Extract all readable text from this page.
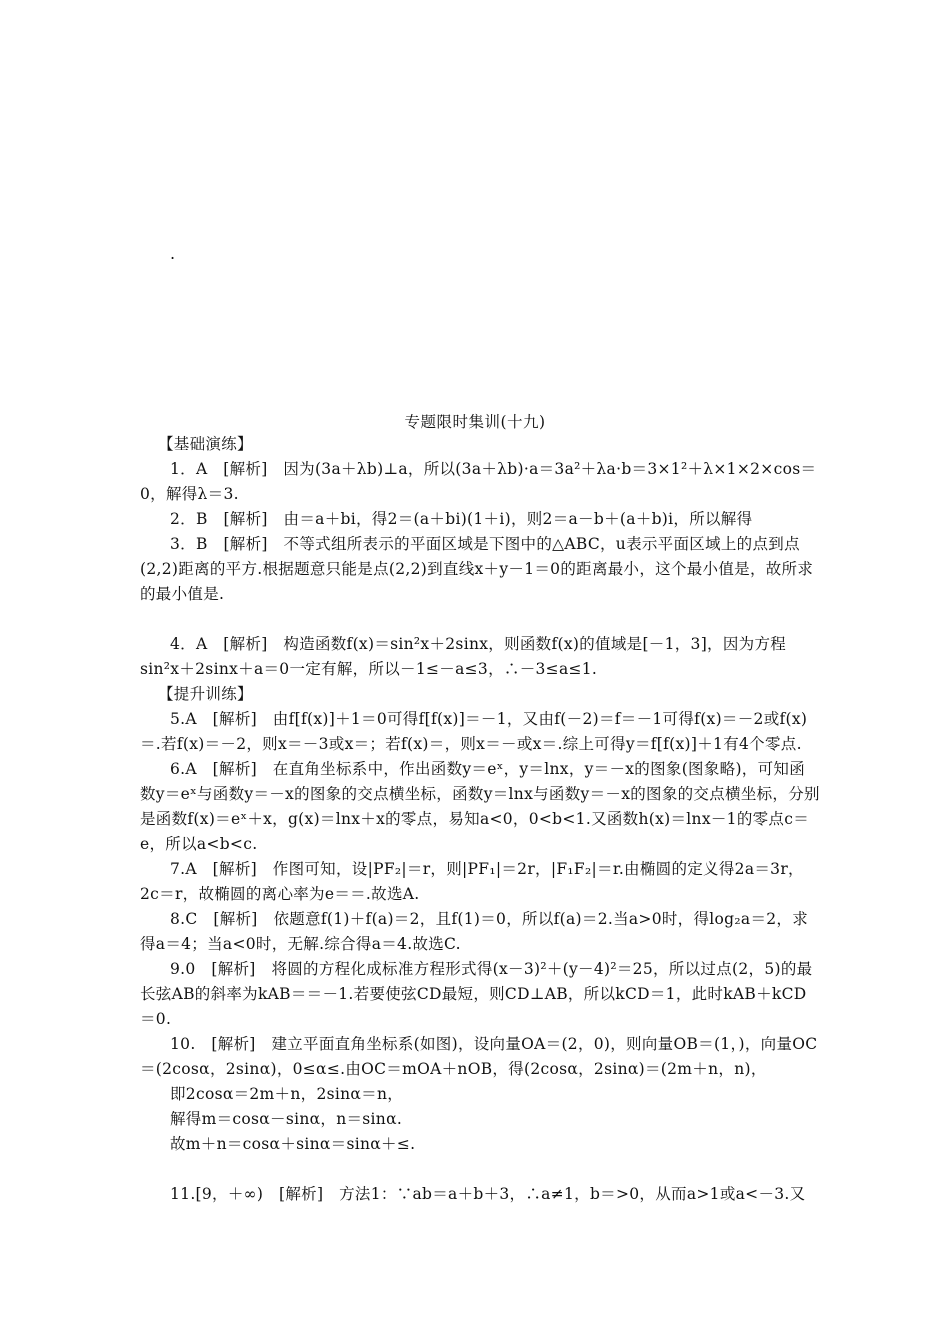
.
专题限时集训(十九)

【基础演练】

1．A　[解析]　因为(3a＋λb)⊥a，所以(3a＋λb)·a＝3a²＋λa·b＝3×1²＋λ×1×2×cos＝0，解得λ＝3.

2．B　[解析]　由＝a＋bi，得2＝(a＋bi)(1＋i)，则2＝a－b＋(a＋b)i，所以解得

3．B　[解析]　不等式组所表示的平面区域是下图中的△ABC，u表示平面区域上的点到点(2,2)距离的平方.根据题意只能是点(2,2)到直线x＋y－1＝0的距离最小，这个最小值是，故所求的最小值是.

4．A　[解析]　构造函数f(x)＝sin²x＋2sinx，则函数f(x)的值域是[－1，3]，因为方程sin²x＋2sinx＋a＝0一定有解，所以－1≤－a≤3，∴－3≤a≤1.

【提升训练】

5.A　[解析]　由f[f(x)]＋1＝0可得f[f(x)]＝－1，又由f(－2)＝f＝－1可得f(x)＝－2或f(x)＝.若f(x)＝－2，则x＝－3或x＝；若f(x)＝，则x＝－或x＝.综上可得y＝f[f(x)]＋1有4个零点.

6.A　[解析]　在直角坐标系中，作出函数y＝eˣ，y＝lnx，y＝－x的图象(图象略)，可知函数y＝eˣ与函数y＝－x的图象的交点横坐标，函数y＝lnx与函数y＝－x的图象的交点横坐标，分别是函数f(x)＝eˣ＋x，g(x)＝lnx＋x的零点，易知a<0，0<b<1.又函数h(x)＝lnx－1的零点c＝e，所以a<b<c.

7.A　[解析]　作图可知，设|PF₂|＝r，则|PF₁|＝2r，|F₁F₂|＝r.由椭圆的定义得2a＝3r，2c＝r，故椭圆的离心率为e＝＝.故选A.

8.C　[解析]　依题意f(1)＋f(a)＝2，且f(1)＝0，所以f(a)＝2.当a>0时，得log₂a＝2，求得a＝4；当a<0时，无解.综合得a＝4.故选C.

9.0　[解析]　将圆的方程化成标准方程形式得(x－3)²＋(y－4)²＝25，所以过点(2，5)的最长弦AB的斜率为kAB＝＝－1.若要使弦CD最短，则CD⊥AB，所以kCD＝1，此时kAB＋kCD＝0.

10.　[解析]　建立平面直角坐标系(如图)，设向量OA＝(2，0)，则向量OB＝(1，)，向量OC＝(2cosα，2sinα)，0≤α≤.由OC＝mOA＋nOB，得(2cosα，2sinα)＝(2m＋n，n)，

即2cosα＝2m＋n，2sinα＝n，

解得m＝cosα－sinα，n＝sinα.

故m＋n＝cosα＋sinα＝sinα＋≤.

11.[9，＋∞)　[解析]　方法1：∵ab＝a＋b＋3，∴a≠1，b＝>0，从而a>1或a<－3.又
